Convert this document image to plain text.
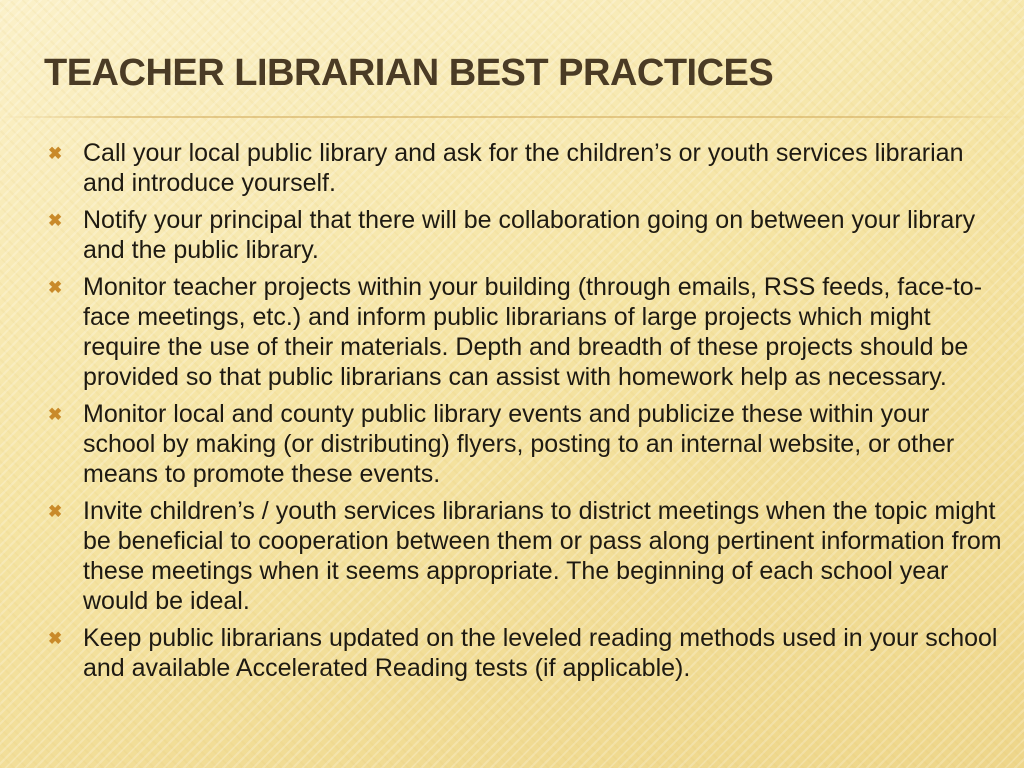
TEACHER LIBRARIAN BEST PRACTICES
✖ Call your local public library and ask for the children’s or youth services librarian and introduce yourself.
✖ Notify your principal that there will be collaboration going on between your library and the public library.
✖ Monitor teacher projects within your building (through emails, RSS feeds, face-to-face meetings, etc.) and inform public librarians of large projects which might require the use of their materials. Depth and breadth of these projects should be provided so that public librarians can assist with homework help as necessary.
✖ Monitor local and county public library events and publicize these within your school by making (or distributing) flyers, posting to an internal website, or other means to promote these events.
✖ Invite children’s / youth services librarians to district meetings when the topic might be beneficial to cooperation between them or pass along pertinent information from these meetings when it seems appropriate. The beginning of each school year would be ideal.
✖ Keep public librarians updated on the leveled reading methods used in your school and available Accelerated Reading tests (if applicable).
